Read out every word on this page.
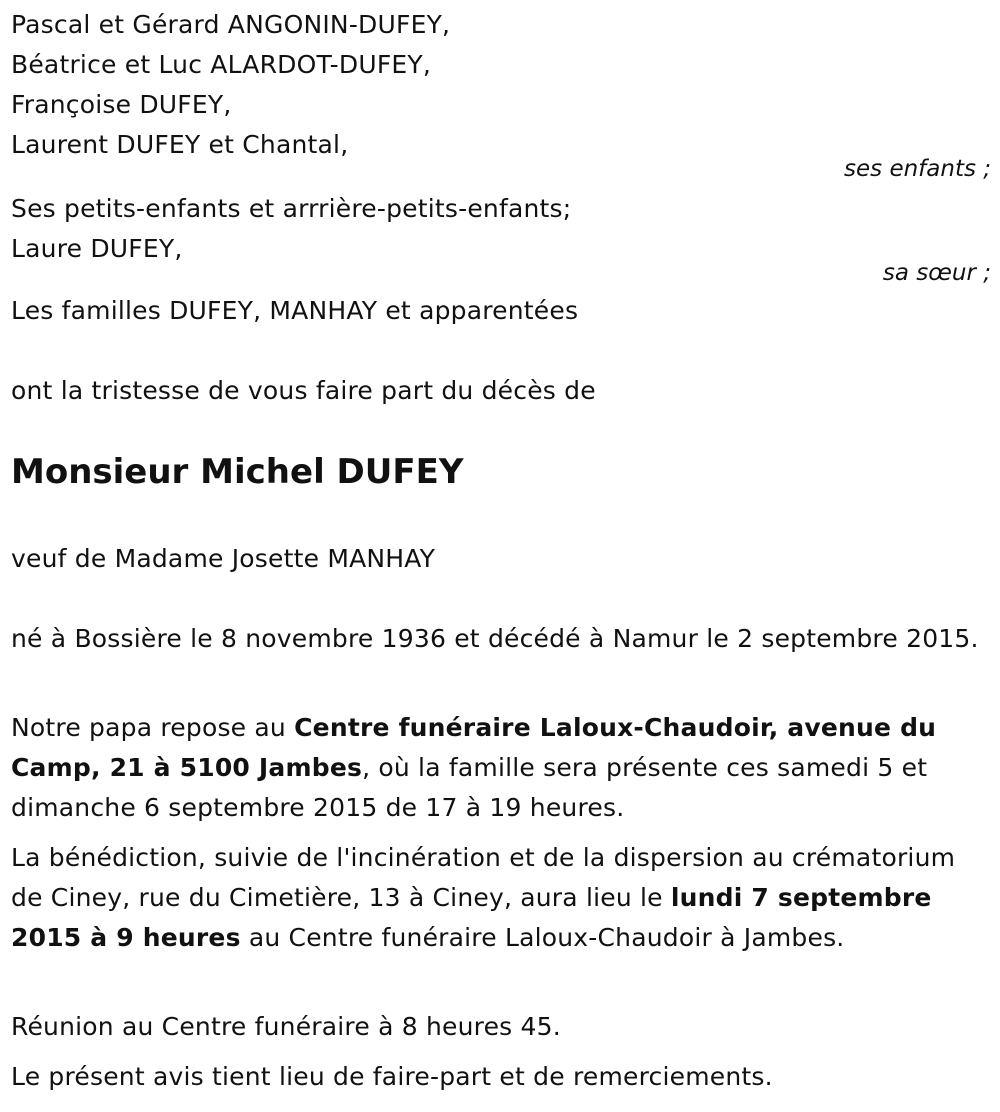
Pascal et Gérard ANGONIN-DUFEY,
Béatrice et Luc ALARDOT-DUFEY,
Françoise DUFEY,
Laurent DUFEY et Chantal,
ses enfants ;
Ses petits-enfants et arrrière-petits-enfants;
Laure DUFEY,
sa sœur ;
Les familles DUFEY, MANHAY et apparentées
ont la tristesse de vous faire part du décès de
Monsieur Michel DUFEY
veuf de Madame Josette MANHAY
né à Bossière le 8 novembre 1936 et décédé à Namur le 2 septembre 2015.
Notre papa repose au Centre funéraire Laloux-Chaudoir, avenue du Camp, 21 à 5100 Jambes, où la famille sera présente ces samedi 5 et dimanche 6 septembre 2015 de 17 à 19 heures.
La bénédiction, suivie de l'incinération et de la dispersion au crématorium de Ciney, rue du Cimetière, 13 à Ciney, aura lieu le lundi 7 septembre 2015 à 9 heures au Centre funéraire Laloux-Chaudoir à Jambes.
Réunion au Centre funéraire à 8 heures 45.
Le présent avis tient lieu de faire-part et de remerciements.
